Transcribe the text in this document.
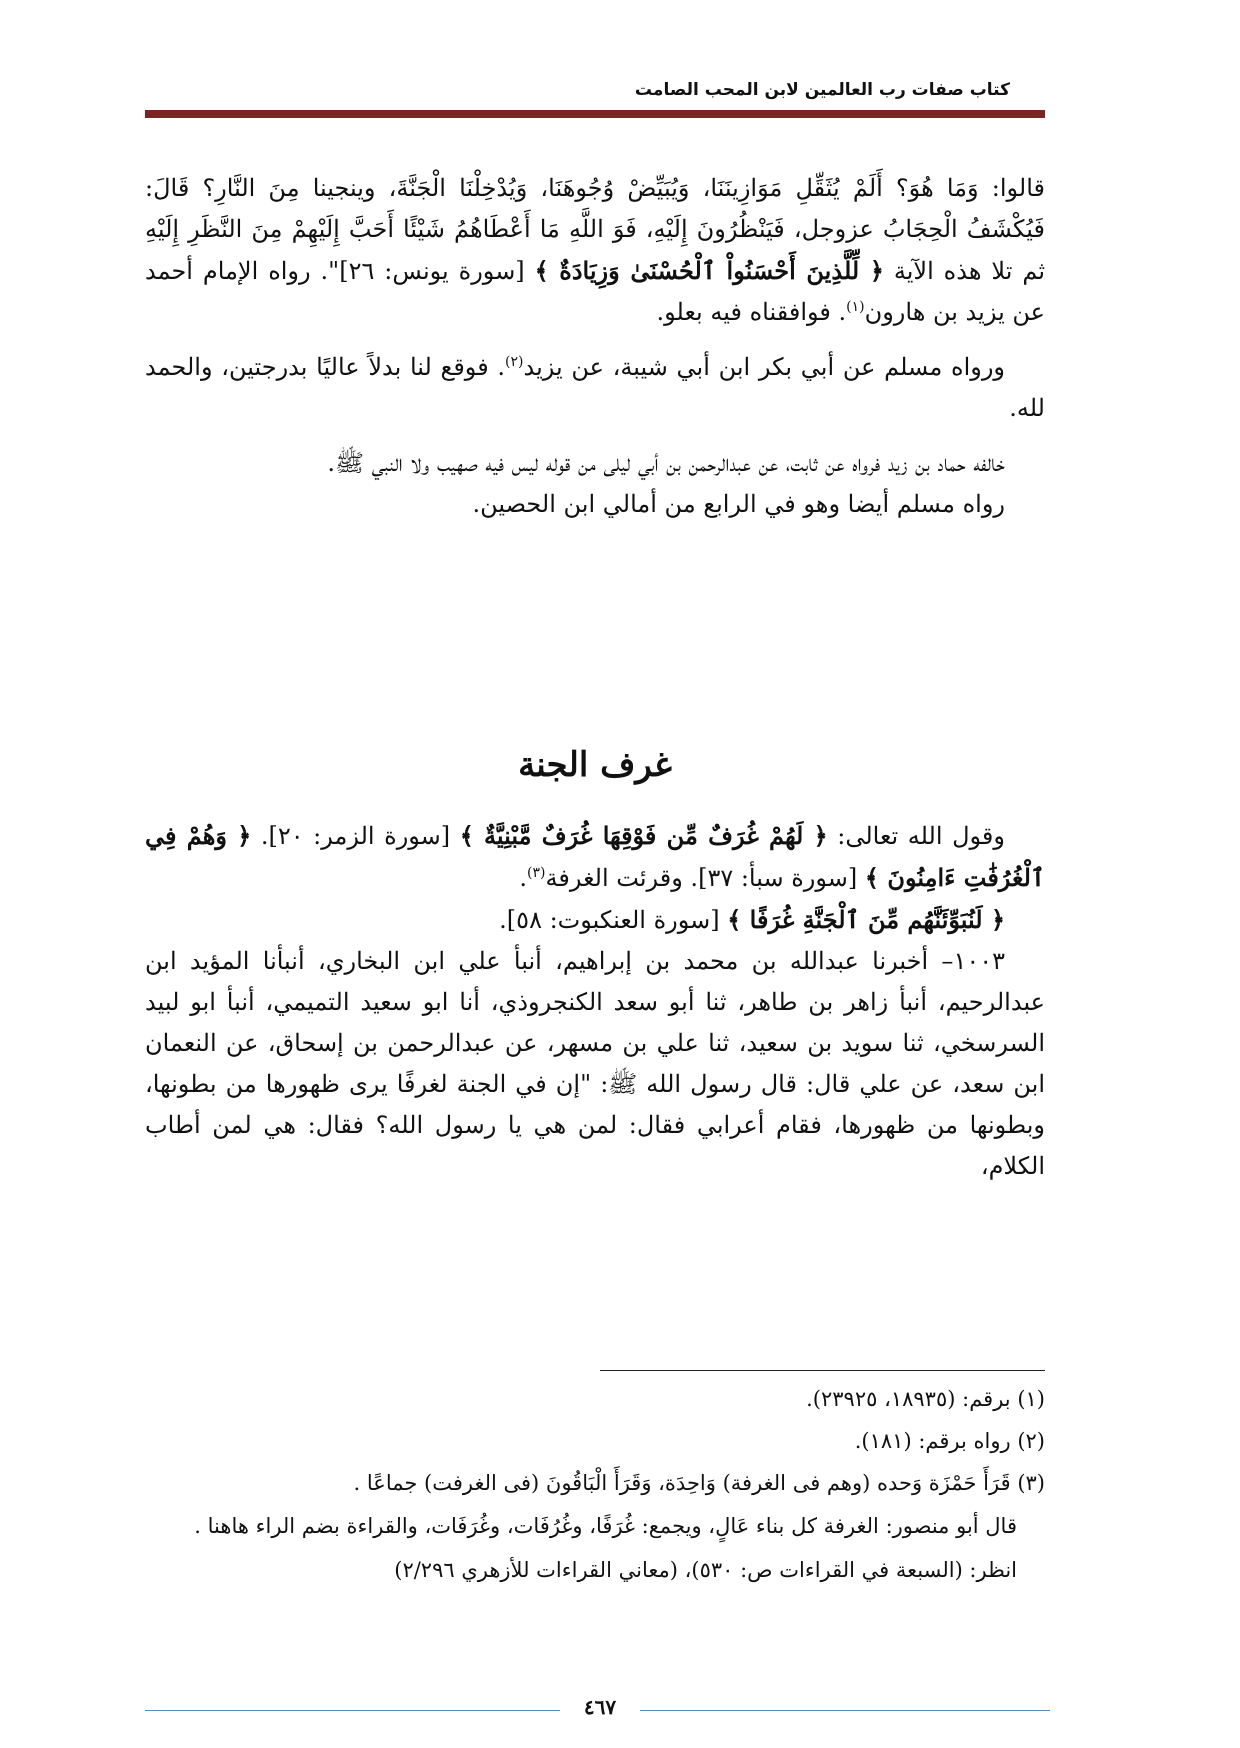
كتاب صفات رب العالمين لابن المحب الصامت

قالوا: وَمَا هُوَ؟ أَلَمْ يُثَقِّلِ مَوَازِينَنَا، وَيُبَيِّضْ وُجُوهَنَا، وَيُدْخِلْنَا الْجَنَّةَ، وينجينا مِنَ النَّارِ؟ قَالَ: فَيُكْشَفُ الْحِجَابُ عزوجل، فَيَنْظُرُونَ إِلَيْهِ، فَوَ اللَّهِ مَا أَعْطَاهُمُ شَيْئًا أَحَبَّ إِلَيْهِمْ مِنَ النَّظَرِ إِلَيْهِ ثم تلا هذه الآية ﴿ لِّلَّذِينَ أَحْسَنُواْ ٱلْحُسْنَىٰ وَزِيَادَةٌ ﴾ [سورة يونس: ٢٦]". رواه الإمام أحمد عن يزيد بن هارون$^{(١)}$. فوافقناه فيه بعلو.

ورواه مسلم عن أبي بكر ابن أبي شيبة، عن يزيد$^{(٢)}$. فوقع لنا بدلاً عاليًا بدرجتين، والحمد لله.

خالفه حماد بن زيد فرواه عن ثابت، عن عبدالرحمن بن أبي ليلى من قوله ليس فيه صهيب ولا النبي ﷺ.

رواه مسلم أيضا وهو في الرابع من أمالي ابن الحصين.

غرف الجنة

وقول الله تعالى: ﴿ لَهُمْ غُرَفٌ مِّن فَوْقِهَا غُرَفٌ مَّبْنِيَّةٌ ﴾ [سورة الزمر: ٢٠]. ﴿ وَهُمْ فِي ٱلْغُرُفَٰتِ ءَامِنُونَ ﴾ [سورة سبأ: ٣٧]. وقرئت الغرفة$^{(٣)}$.

﴿ لَنُبَوِّئَنَّهُم مِّنَ ٱلْجَنَّةِ غُرَفًا ﴾ [سورة العنكبوت: ٥٨].

١٠٠٣– أخبرنا عبدالله بن محمد بن إبراهيم، أنبأ علي ابن البخاري، أنبأنا المؤيد ابن عبدالرحيم، أنبأ زاهر بن طاهر، ثنا أبو سعد الكنجروذي، أنا ابو سعيد التميمي، أنبأ ابو لبيد السرسخي، ثنا سويد بن سعيد، ثنا علي بن مسهر، عن عبدالرحمن بن إسحاق، عن النعمان ابن سعد، عن علي قال: قال رسول الله ﷺ: "إن في الجنة لغرفًا يرى ظهورها من بطونها، وبطونها من ظهورها، فقام أعرابي فقال: لمن هي يا رسول الله؟ فقال: هي لمن أطاب الكلام،

(١) برقم: (١٨٩٣٥، ٢٣٩٢٥).

(٢) رواه برقم: (١٨١).

(٣) قَرَأَ حَمْزَة وَحده (وهم فى الغرفة) وَاحِدَة، وَقَرَأَ الْبَاقُونَ (فى الغرفت) جماعًا .

قال أبو منصور: الغرفة كل بناء عَالٍ، ويجمع: غُرَفًا، وغُرُفَات، وغُرَفَات، والقراءة بضم الراء هاهنا .

انظر: (السبعة في القراءات ص: ٥٣٠)، (معاني القراءات للأزهري ٢/٢٩٦)

٤٦٧
